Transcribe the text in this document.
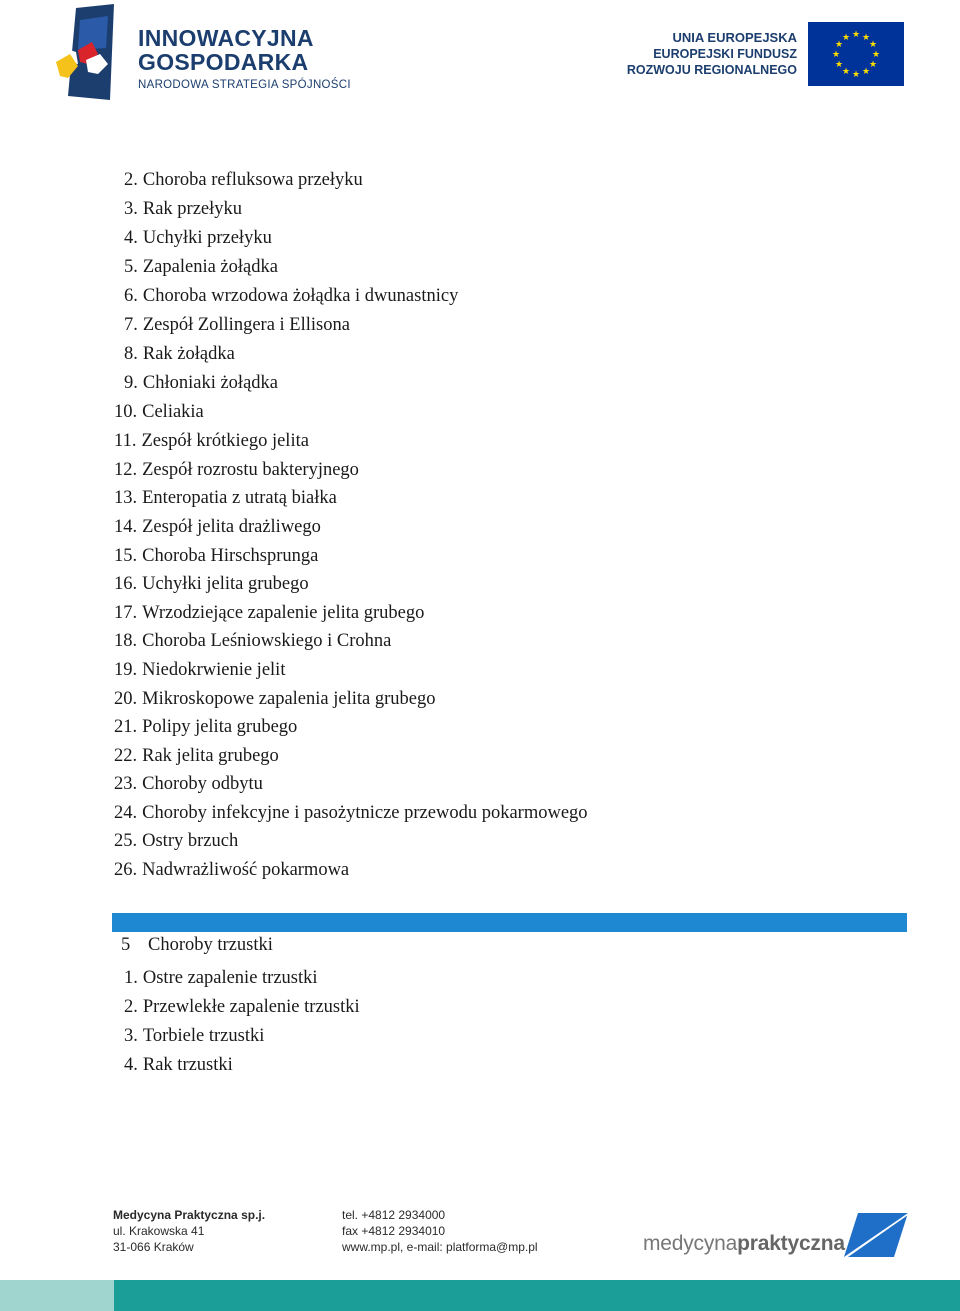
INNOWACYJNA
GOSPODARKA
NARODOWA STRATEGIA SPÓJNOŚCI
UNIA EUROPEJSKA
EUROPEJSKI FUNDUSZ
ROZWOJU REGIONALNEGO
★ ★
★
★
★
★
★
★
★
★
★
★
2. Choroba refluksowa przełyku
3. Rak przełyku
4. Uchyłki przełyku
5. Zapalenia żołądka
6. Choroba wrzodowa żołądka i dwunastnicy
7. Zespół Zollingera i Ellisona
8. Rak żołądka
9. Chłoniaki żołądka
10. Celiakia
11. Zespół krótkiego jelita
12. Zespół rozrostu bakteryjnego
13. Enteropatia z utratą białka
14. Zespół jelita drażliwego
15. Choroba Hirschsprunga
16. Uchyłki jelita grubego
17. Wrzodziejące zapalenie jelita grubego
18. Choroba Leśniowskiego i Crohna
19. Niedokrwienie jelit
20. Mikroskopowe zapalenia jelita grubego
21. Polipy jelita grubego
22. Rak jelita grubego
23. Choroby odbytu
24. Choroby infekcyjne i pasożytnicze przewodu pokarmowego
25. Ostry brzuch
26. Nadwrażliwość pokarmowa
5 Choroby trzustki
1. Ostre zapalenie trzustki
2. Przewlekłe zapalenie trzustki
3. Torbiele trzustki
4. Rak trzustki
Medycyna Praktyczna sp.j.
ul. Krakowska 41
31-066 Kraków
tel. +4812 2934000
fax +4812 2934010
www.mp.pl, e-mail: platforma@mp.pl	medycynapraktyczna
